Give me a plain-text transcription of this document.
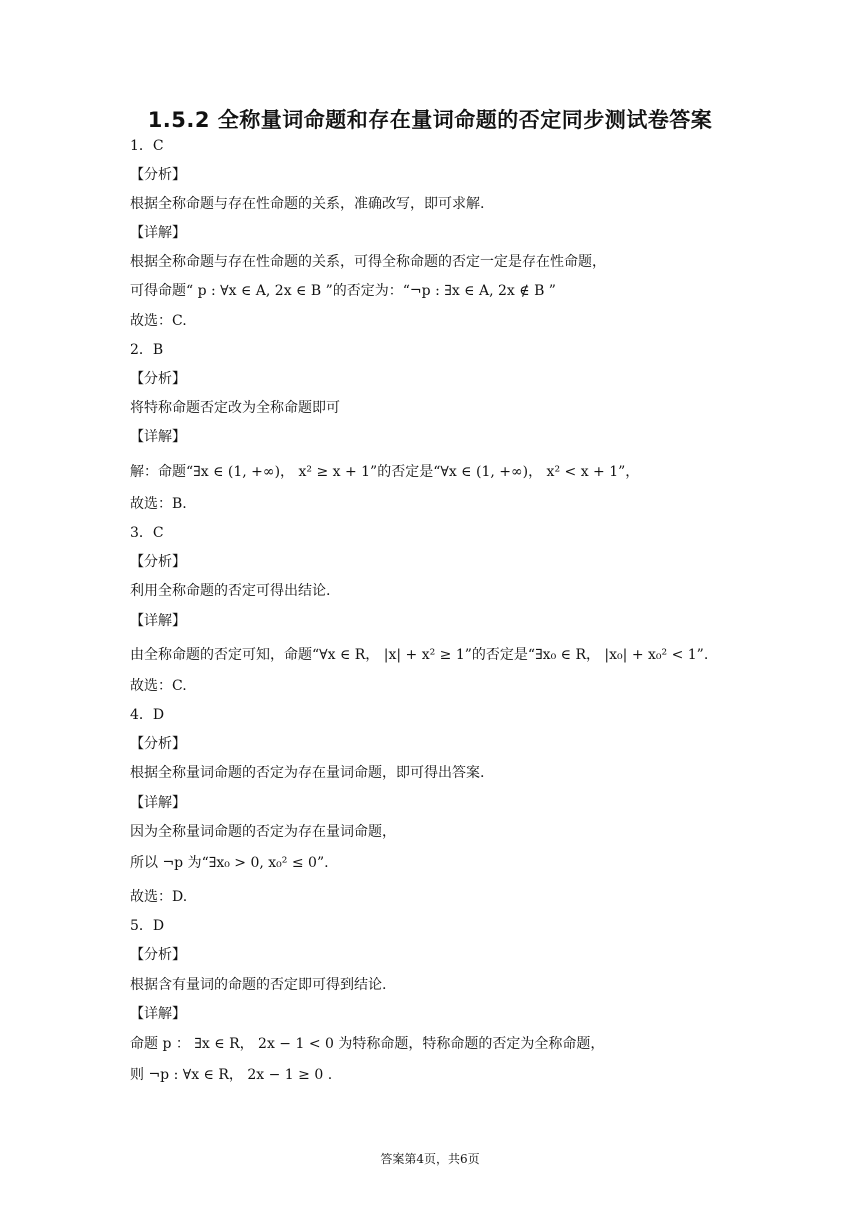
1.5.2 全称量词命题和存在量词命题的否定同步测试卷答案
1．C
【分析】
根据全称命题与存在性命题的关系，准确改写，即可求解.
【详解】
根据全称命题与存在性命题的关系，可得全称命题的否定一定是存在性命题，
可得命题“ p : ∀x ∈ A, 2x ∈ B ”的否定为：“¬p : ∃x ∈ A, 2x ∉ B ”
故选：C.
2．B
【分析】
将特称命题否定改为全称命题即可
【详解】
解：命题“∃x ∈ (1, +∞)， x² ≥ x + 1”的否定是“∀x ∈ (1, +∞)， x² < x + 1”，
故选：B.
3．C
【分析】
利用全称命题的否定可得出结论.
【详解】
由全称命题的否定可知，命题“∀x ∈ R， |x| + x² ≥ 1”的否定是“∃x₀ ∈ R， |x₀| + x₀² < 1”.
故选：C.
4．D
【分析】
根据全称量词命题的否定为存在量词命题，即可得出答案.
【详解】
因为全称量词命题的否定为存在量词命题，
所以 ¬p 为“∃x₀ > 0, x₀² ≤ 0”.
故选：D.
5．D
【分析】
根据含有量词的命题的否定即可得到结论.
【详解】
命题 p ： ∃x ∈ R， 2x − 1 < 0 为特称命题，特称命题的否定为全称命题，
则 ¬p : ∀x ∈ R， 2x − 1 ≥ 0 .
答案第4页，共6页
